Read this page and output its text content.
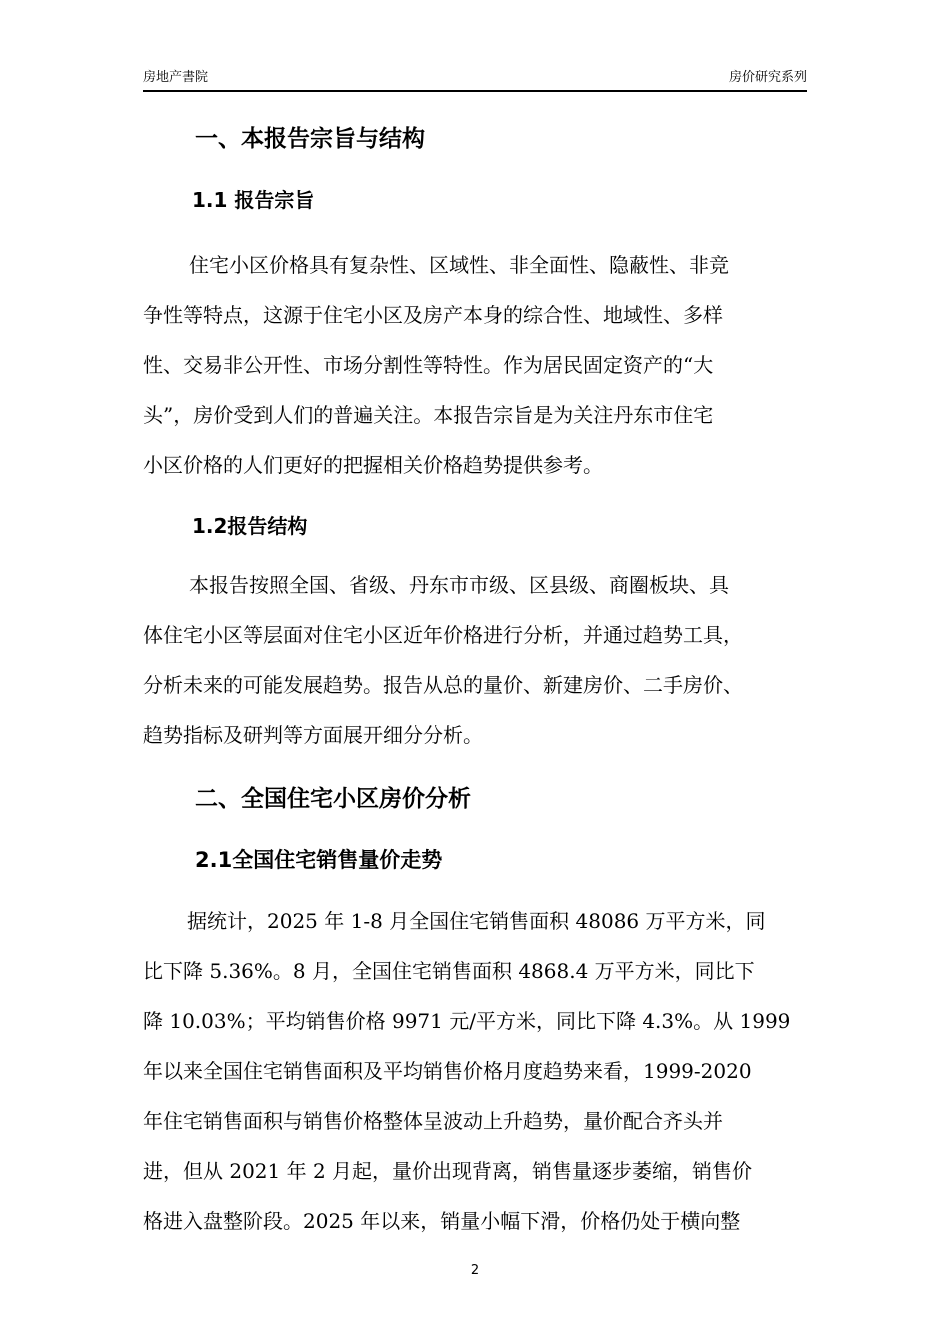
房地产書院	房价研究系列
一、本报告宗旨与结构
1.1 报告宗旨
住宅小区价格具有复杂性、区域性、非全面性、隐蔽性、非竞
争性等特点，这源于住宅小区及房产本身的综合性、地域性、多样
性、交易非公开性、市场分割性等特性。作为居民固定资产的“大
头”，房价受到人们的普遍关注。本报告宗旨是为关注丹东市住宅
小区价格的人们更好的把握相关价格趋势提供参考。
1.2报告结构
本报告按照全国、省级、丹东市市级、区县级、商圈板块、具
体住宅小区等层面对住宅小区近年价格进行分析，并通过趋势工具，
分析未来的可能发展趋势。报告从总的量价、新建房价、二手房价、
趋势指标及研判等方面展开细分分析。
二、全国住宅小区房价分析
2.1全国住宅销售量价走势
据统计，2025 年 1-8 月全国住宅销售面积 48086 万平方米，同
比下降 5.36%。8 月，全国住宅销售面积 4868.4 万平方米，同比下
降 10.03%；平均销售价格 9971 元/平方米，同比下降 4.3%。从 1999
年以来全国住宅销售面积及平均销售价格月度趋势来看，1999-2020
年住宅销售面积与销售价格整体呈波动上升趋势，量价配合齐头并
进，但从 2021 年 2 月起，量价出现背离，销售量逐步萎缩，销售价
格进入盘整阶段。2025 年以来，销量小幅下滑，价格仍处于横向整
2
